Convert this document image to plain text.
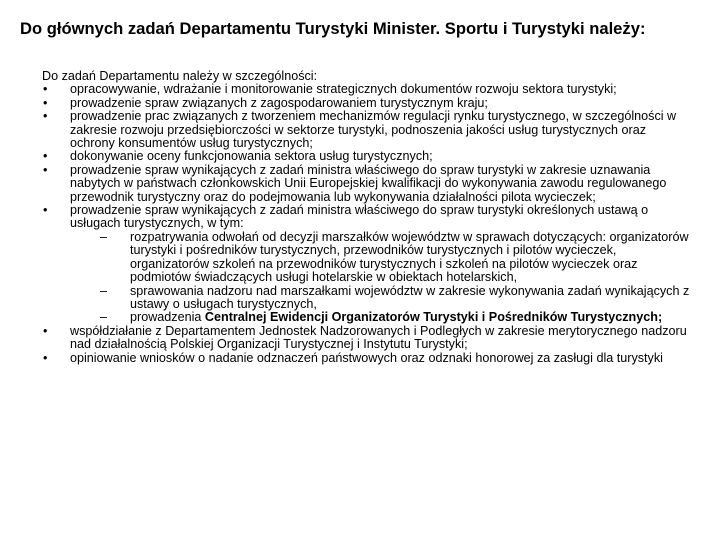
Do głównych zadań Departamentu Turystyki Minister. Sportu i Turystyki należy:
Do zadań Departamentu należy w szczególności:
• opracowywanie, wdrażanie i monitorowanie strategicznych dokumentów rozwoju sektora turystyki;
• prowadzenie spraw związanych z zagospodarowaniem turystycznym kraju;
• prowadzenie prac związanych z tworzeniem mechanizmów regulacji rynku turystycznego, w szczególności w zakresie rozwoju przedsiębiorczości w sektorze turystyki, podnoszenia jakości usług turystycznych oraz ochrony konsumentów usług turystycznych;
• dokonywanie oceny funkcjonowania sektora usług turystycznych;
• prowadzenie spraw wynikających z zadań ministra właściwego do spraw turystyki w zakresie uznawania nabytych w państwach członkowskich Unii Europejskiej kwalifikacji do wykonywania zawodu regulowanego przewodnik turystyczny oraz do podejmowania lub wykonywania działalności pilota wycieczek;
• prowadzenie spraw wynikających z zadań ministra właściwego do spraw turystyki określonych ustawą o usługach turystycznych, w tym:
– rozpatrywania odwołań od decyzji marszałków województw w sprawach dotyczących: organizatorów turystyki i pośredników turystycznych, przewodników turystycznych i pilotów wycieczek, organizatorów szkoleń na przewodników turystycznych i szkoleń na pilotów wycieczek oraz podmiotów świadczących usługi hotelarskie w obiektach hotelarskich,
– sprawowania nadzoru nad marszałkami województw w zakresie wykonywania zadań wynikających z ustawy o usługach turystycznych,
– prowadzenia Centralnej Ewidencji Organizatorów Turystyki i Pośredników Turystycznych;
• współdziałanie z Departamentem Jednostek Nadzorowanych i Podległych w zakresie merytorycznego nadzoru nad działalnością Polskiej Organizacji Turystycznej i Instytutu Turystyki;
• opiniowanie wniosków o nadanie odznaczeń państwowych oraz odznaki honorowej za zasługi dla turystyki
